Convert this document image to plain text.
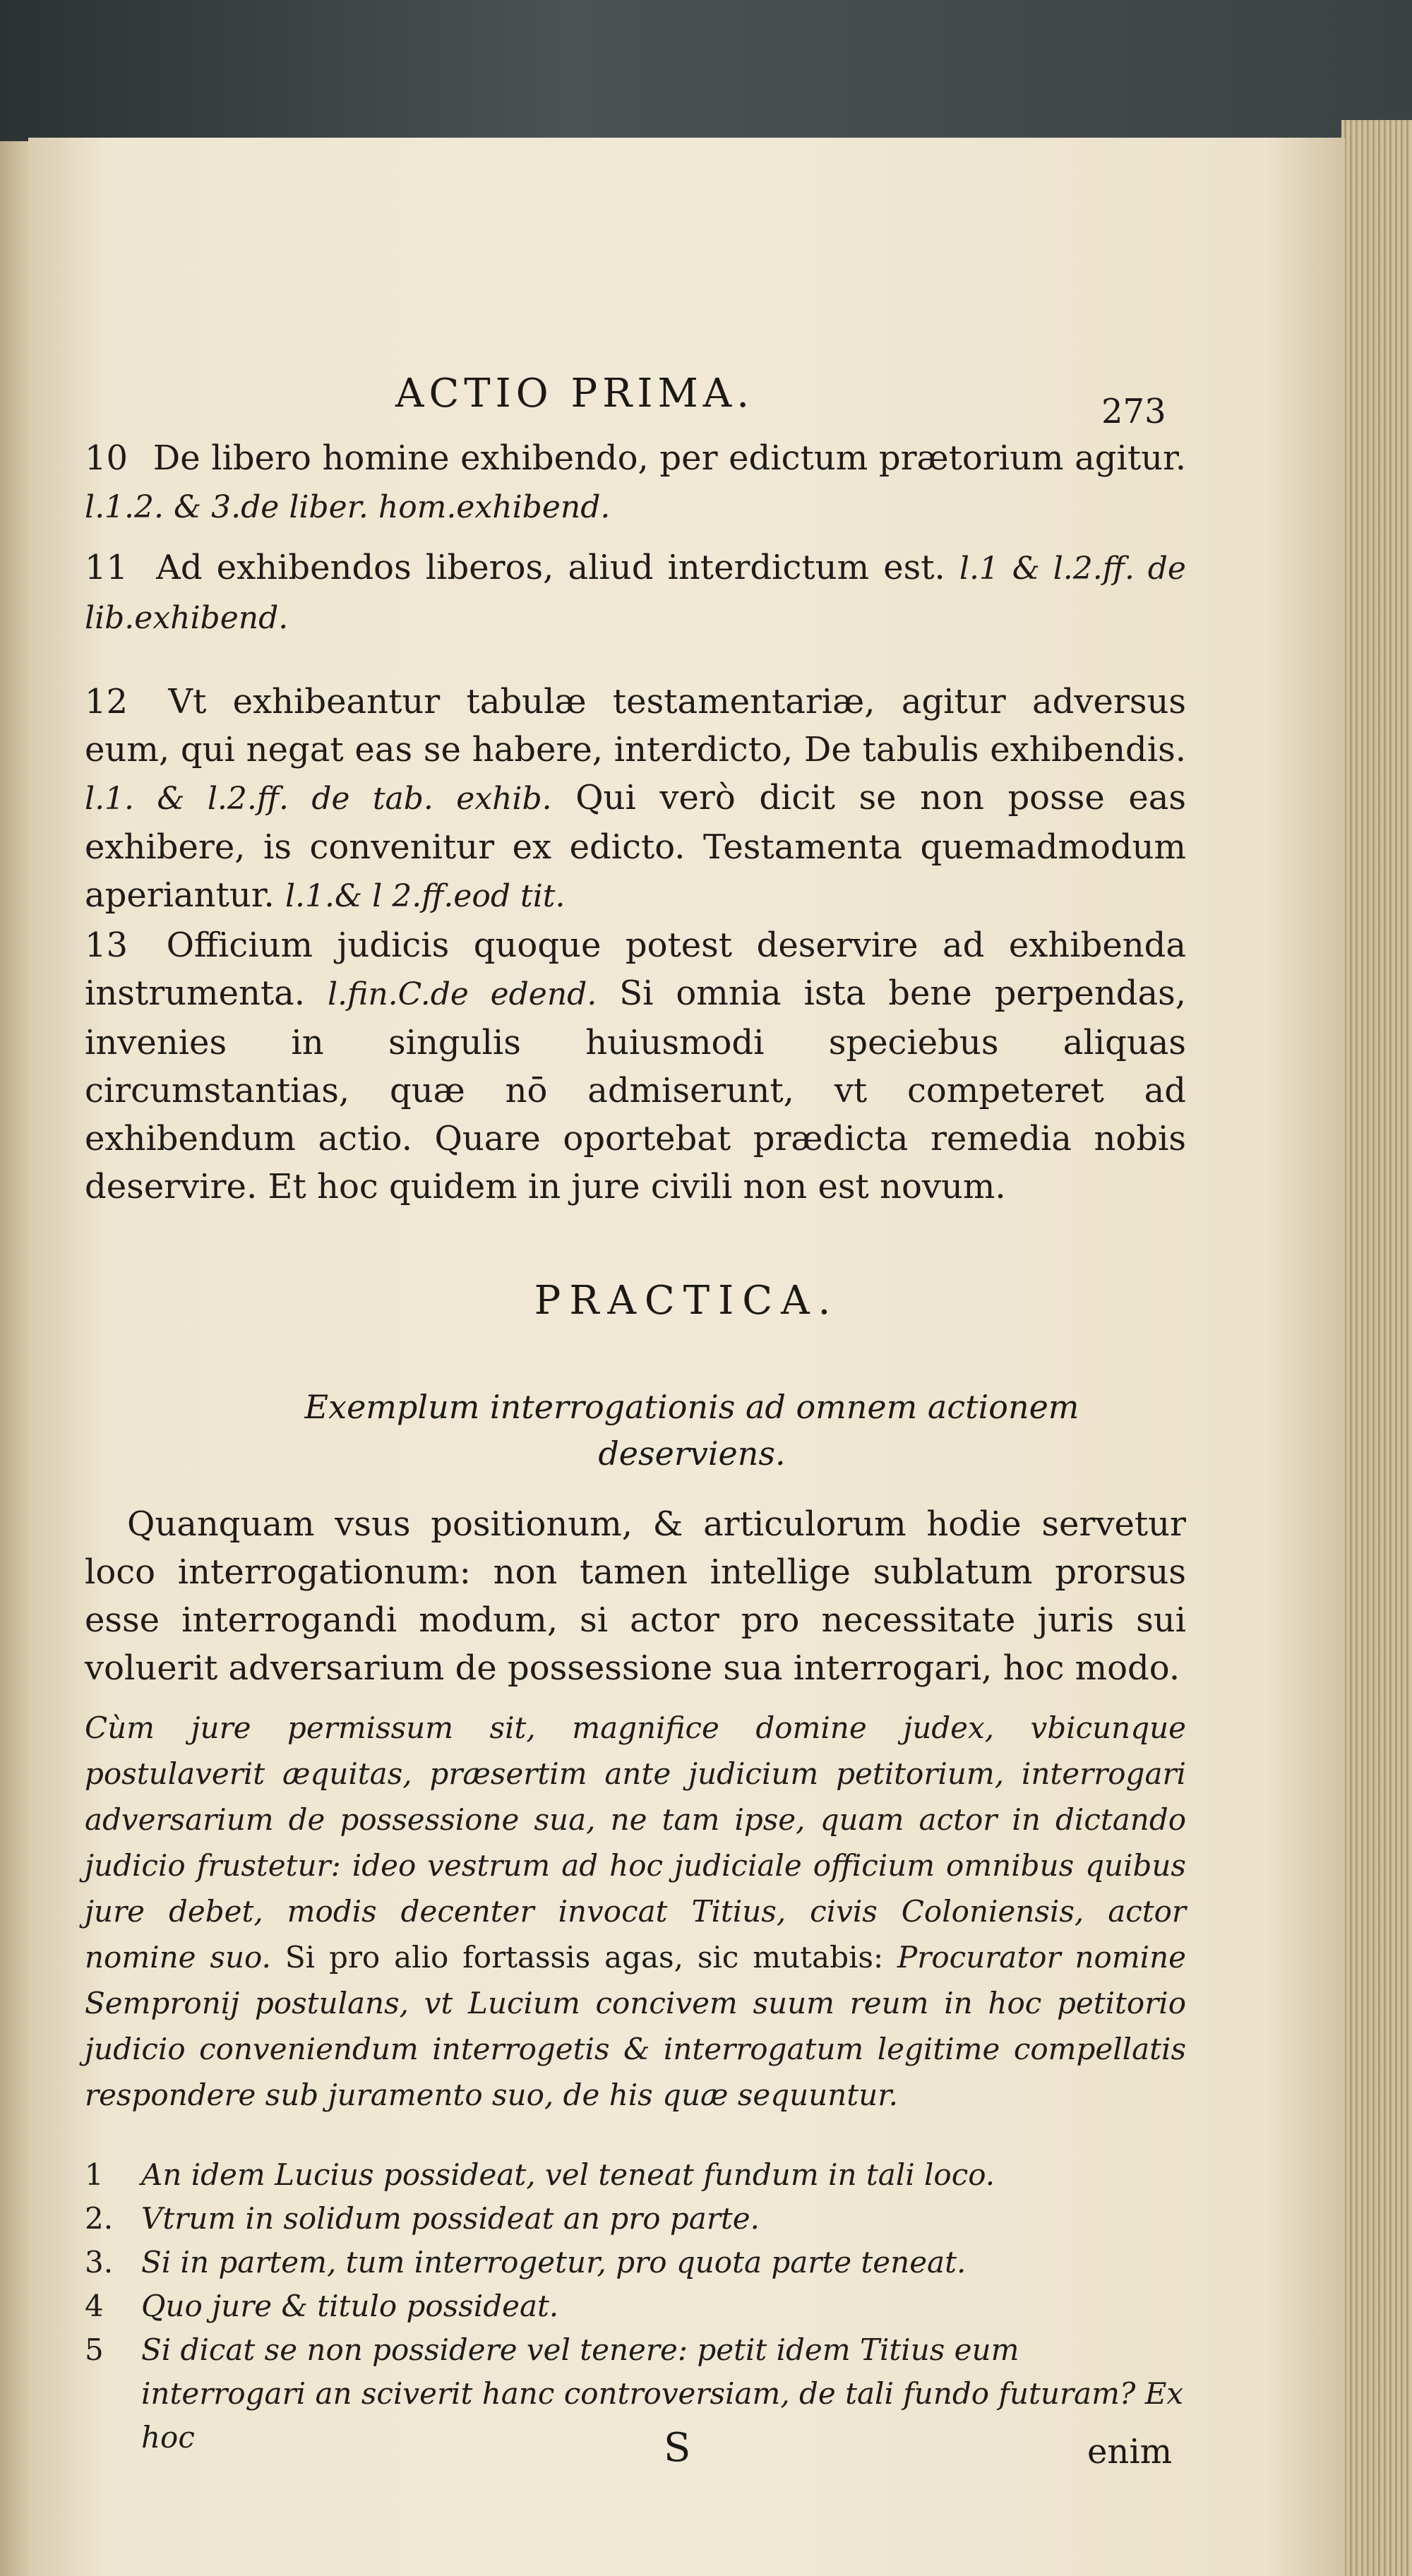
ACTIO PRIMA.	273
10 De libero homine exhibendo, per edictum prætorium agitur. l.1.2. & 3.de liber. hom.exhibend.
11 Ad exhibendos liberos, aliud interdictum est. l.1 & l.2.ff. de lib.exhibend.
12 Vt exhibeantur tabulæ testamentariæ, agitur adversus eum, qui negat eas se habere, interdicto, De tabulis exhibendis. l.1. & l.2.ff. de tab. exhib. Qui verò dicit se non posse eas exhibere, is convenitur ex edicto. Testamenta quemadmodum aperiantur. l.1.& l 2.ff.eod tit.
13 Officium judicis quoque potest deservire ad exhibenda instrumenta. l.fin.C.de edend. Si omnia ista bene perpendas, invenies in singulis huiusmodi speciebus aliquas circumstantias, quæ nō admiserunt, vt competeret ad exhibendum actio. Quare oportebat prædicta remedia nobis deservire. Et hoc quidem in jure civili non est novum.
PRACTICA.
Exemplum interrogationis ad omnem actionem deserviens.
Quanquam vsus positionum, & articulorum hodie servetur loco interrogationum: non tamen intellige sublatum prorsus esse interrogandi modum, si actor pro necessitate juris sui voluerit adversarium de possessione sua interrogari, hoc modo.
Cùm jure permissum sit, magnifice domine judex, vbicunque postulaverit æquitas, præsertim ante judicium petitorium, interrogari adversarium de possessione sua, ne tam ipse, quam actor in dictando judicio frustetur: ideo vestrum ad hoc judiciale officium omnibus quibus jure debet, modis decenter invocat Titius, civis Coloniensis, actor nomine suo. Si pro alio fortassis agas, sic mutabis: Procurator nomine Sempronij postulans, vt Lucium concivem suum reum in hoc petitorio judicio conveniendum interrogetis & interrogatum legitime compellatis respondere sub juramento suo, de his quæ sequuntur.
1	An idem Lucius possideat, vel teneat fundum in tali loco.
2. Vtrum in solidum possideat an pro parte.
3. Si in partem, tum interrogetur, pro quota parte teneat.
4	Quo jure & titulo possideat.
5	Si dicat se non possidere vel tenere: petit idem Titius eum interrogari an sciverit hanc controversiam, de tali fundo futuram? Ex hoc	S	enim
